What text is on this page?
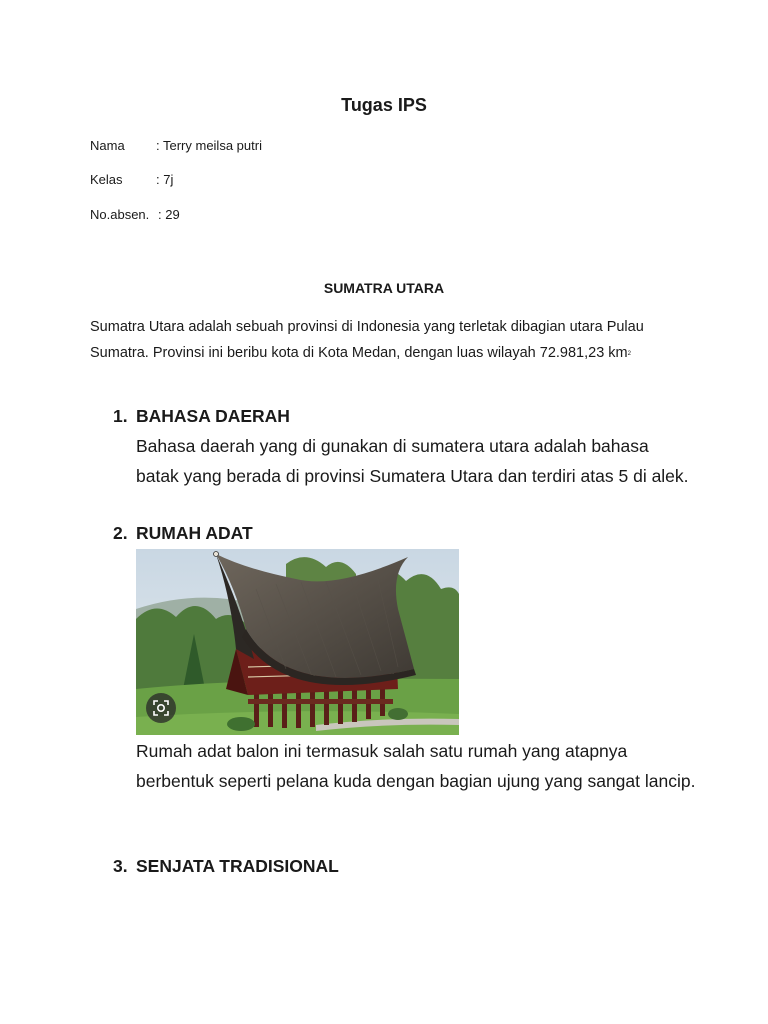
Tugas IPS
Nama : Terry meilsa putri
Kelas	: 7j
No.absen. : 29
SUMATRA UTARA
Sumatra Utara adalah sebuah provinsi di Indonesia yang terletak dibagian utara Pulau Sumatra. Provinsi ini beribu kota di Kota Medan, dengan luas wilayah 72.981,23 $km^2$
1. BAHASA DAERAH
Bahasa daerah yang di gunakan di sumatera utara adalah bahasa batak yang berada di provinsi Sumatera Utara dan terdiri atas 5 di alek.
2. RUMAH ADAT
Rumah adat balon ini termasuk salah satu rumah yang atapnya berbentuk seperti pelana kuda dengan bagian ujung yang sangat lancip.
3. SENJATA TRADISIONAL
